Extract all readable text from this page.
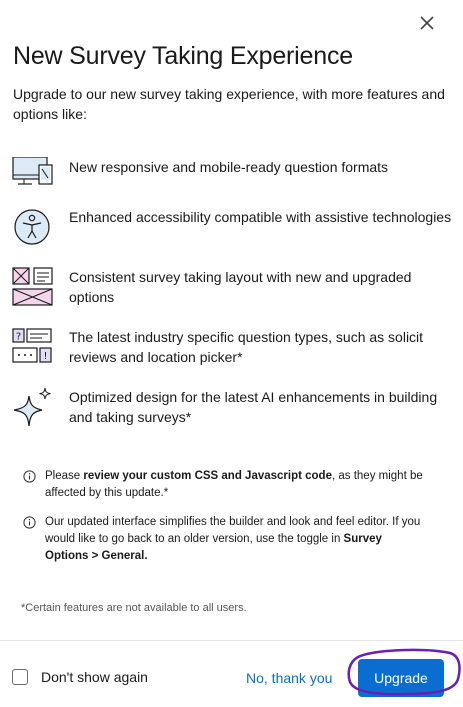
New Survey Taking Experience
Upgrade to our new survey taking experience, with more features and options like:
New responsive and mobile-ready question formats
Enhanced accessibility compatible with assistive technologies
Consistent survey taking layout with new and upgraded options
?
!
The latest industry specific question types, such as solicit reviews and location picker*
Optimized design for the latest AI enhancements in building and taking surveys*
Please review your custom CSS and Javascript code, as they might be affected by this update.*
Our updated interface simplifies the builder and look and feel editor. If you would like to go back to an older version, use the toggle in Survey Options > General.
*Certain features are not available to all users.
Don't show again	No, thank you	Upgrade
